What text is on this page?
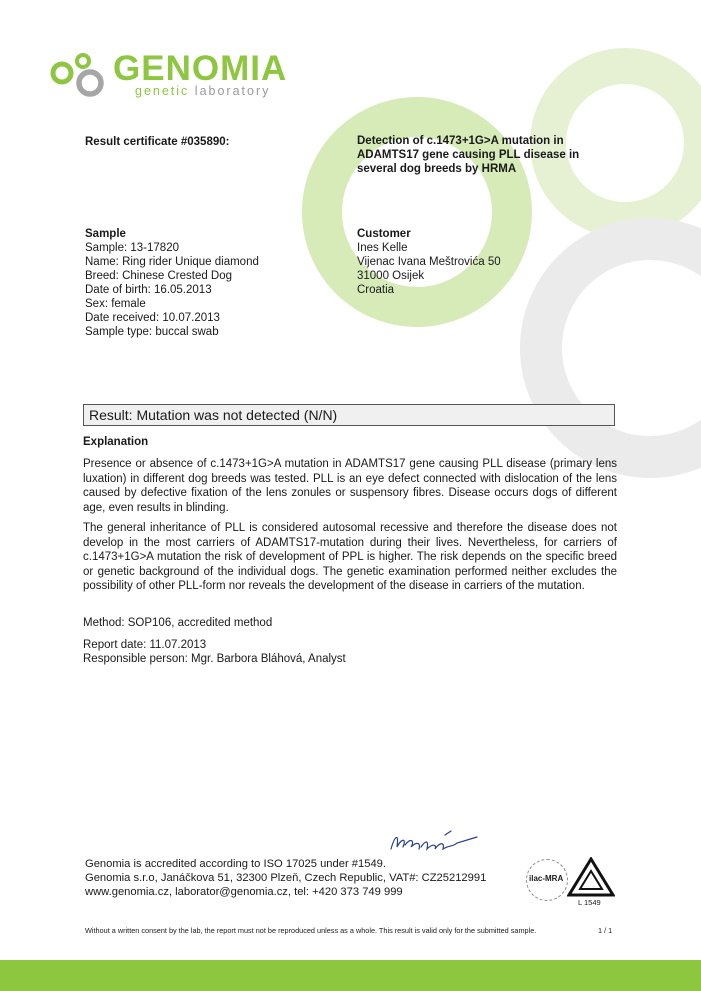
GENOMIA
genetic laboratory
Result certificate #035890:	Detection of c.1473+1G>A mutation in
ADAMTS17 gene causing PLL disease in
several dog breeds by HRMA
Sample
Sample: 13-17820
Name: Ring rider Unique diamond
Breed: Chinese Crested Dog
Date of birth: 16.05.2013
Sex: female
Date received: 10.07.2013
Sample type: buccal swab
Customer
Ines Kelle
Vijenac Ivana Meštrovića 50
31000 Osijek
Croatia
Result: Mutation was not detected (N/N)
Explanation
Presence or absence of c.1473+1G>A mutation in ADAMTS17 gene causing PLL disease (primary lens luxation) in different dog breeds was tested. PLL is an eye defect connected with dislocation of the lens caused by defective fixation of the lens zonules or suspensory fibres. Disease occurs dogs of different age, even results in blinding.
The general inheritance of PLL is considered autosomal recessive and therefore the disease does not develop in the most carriers of ADAMTS17-mutation during their lives. Nevertheless, for carriers of c.1473+1G>A mutation the risk of development of PPL is higher. The risk depends on the specific breed or genetic background of the individual dogs. The genetic examination performed neither excludes the possibility of other PLL-form nor reveals the development of the disease in carriers of the mutation.
Method: SOP106, accredited method
Report date: 11.07.2013
Responsible person: Mgr. Barbora Bláhová, Analyst
Genomia is accredited according to ISO 17025 under #1549.
Genomia s.r.o, Janáčkova 51, 32300 Plzeň, Czech Republic, VAT#: CZ25212991
www.genomia.cz, laborator@genomia.cz, tel: +420 373 749 999
ilac-MRA
L 1549
Without a written consent by the lab, the report must not be reproduced unless as a whole. This result is valid only for the submitted sample.	1 / 1
